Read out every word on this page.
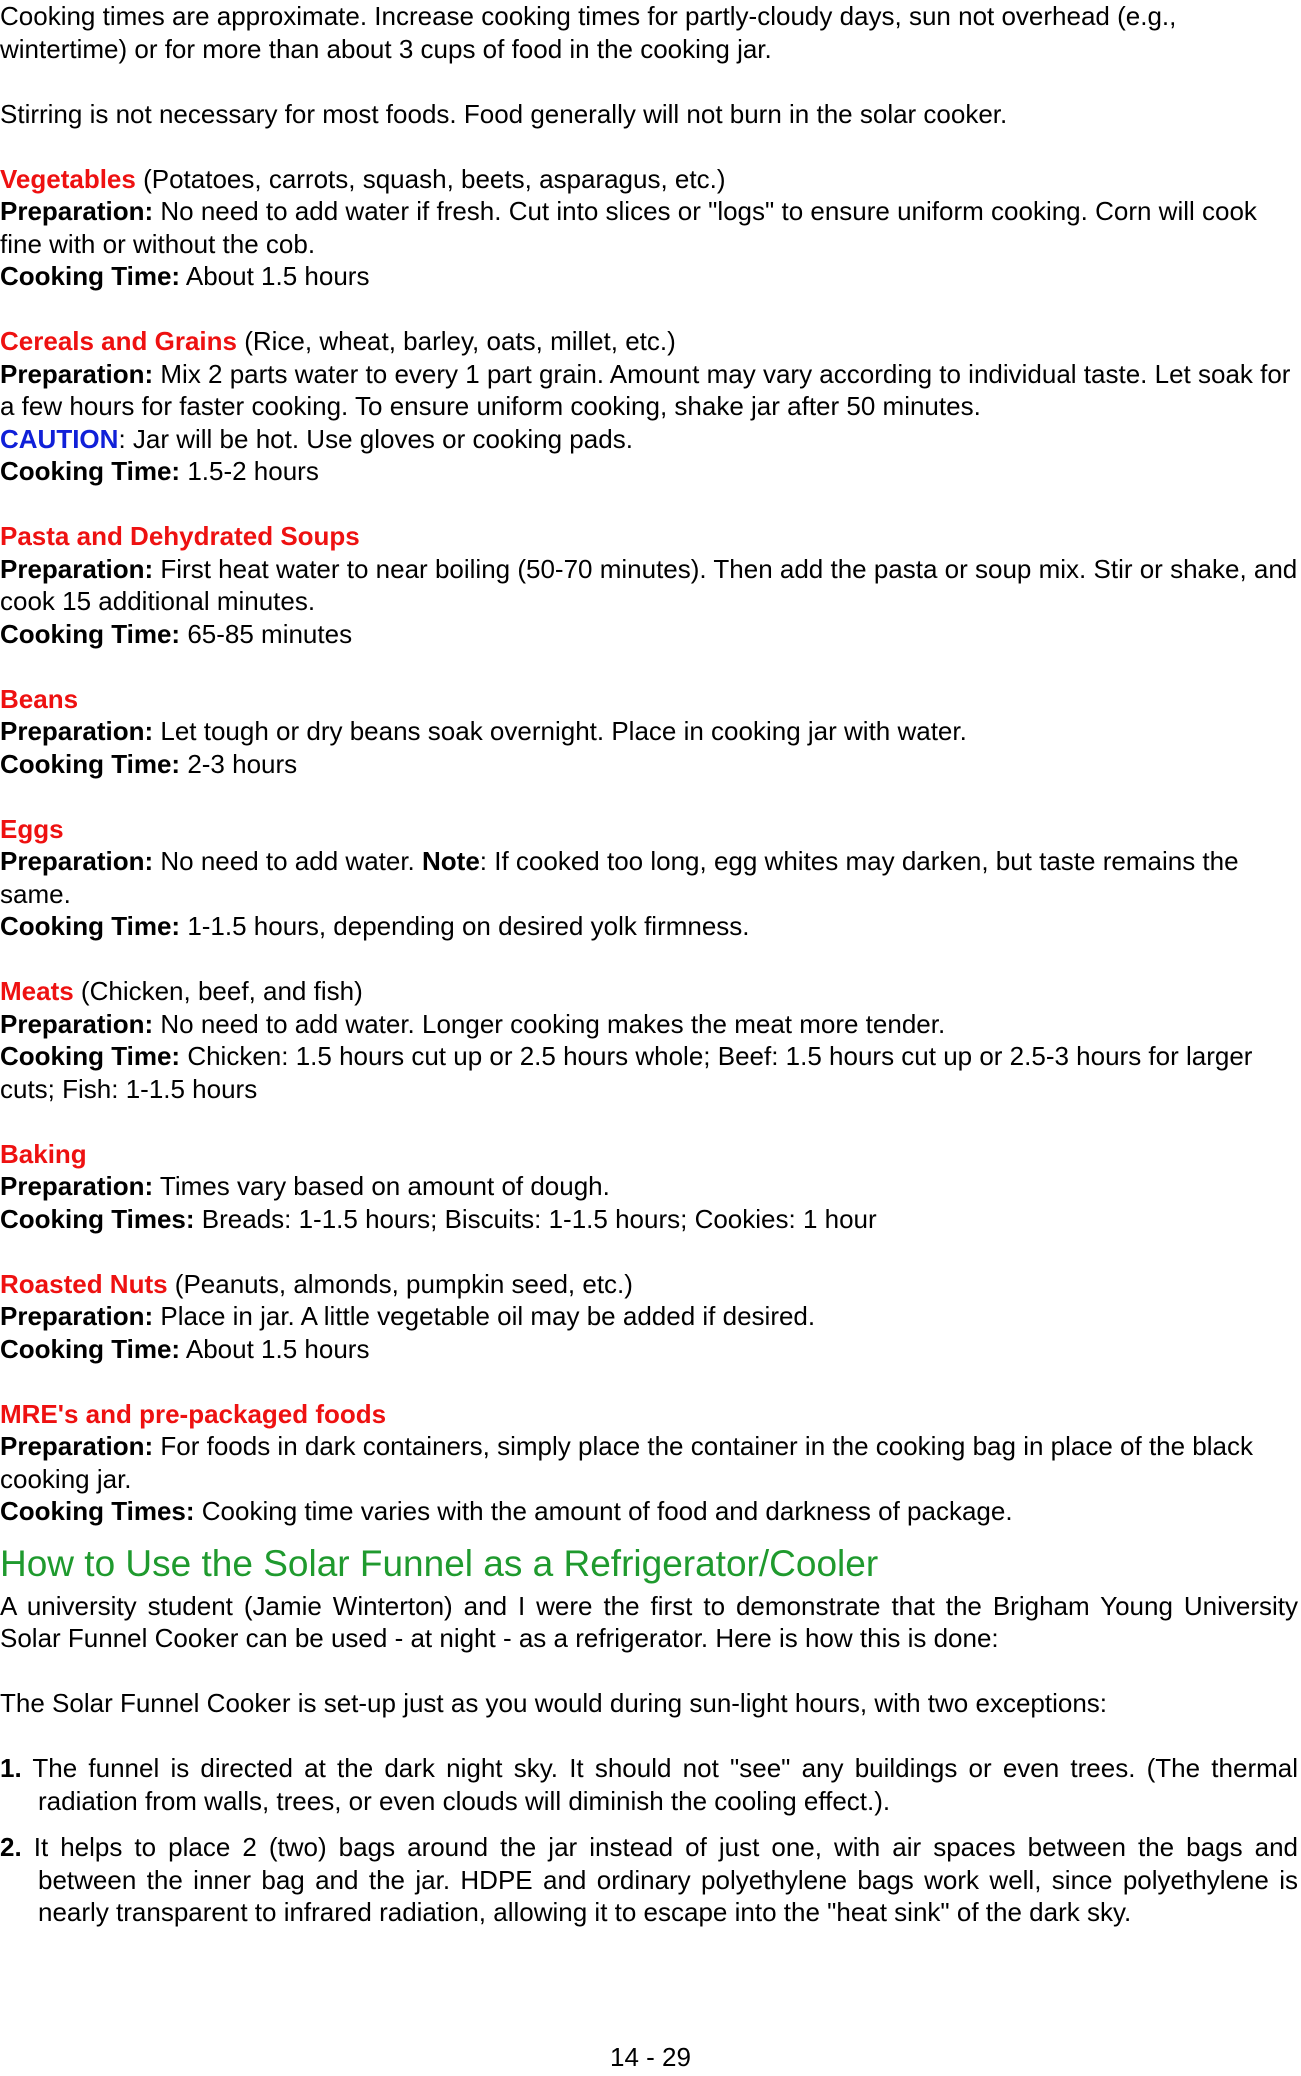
Cooking times are approximate. Increase cooking times for partly-cloudy days, sun not overhead (e.g., wintertime) or for more than about 3 cups of food in the cooking jar.

Stirring is not necessary for most foods. Food generally will not burn in the solar cooker.

Vegetables (Potatoes, carrots, squash, beets, asparagus, etc.)

Preparation: No need to add water if fresh. Cut into slices or "logs" to ensure uniform cooking. Corn will cook fine with or without the cob.

Cooking Time: About 1.5 hours

Cereals and Grains (Rice, wheat, barley, oats, millet, etc.)

Preparation: Mix 2 parts water to every 1 part grain. Amount may vary according to individual taste. Let soak for a few hours for faster cooking. To ensure uniform cooking, shake jar after 50 minutes.

CAUTION: Jar will be hot. Use gloves or cooking pads.

Cooking Time: 1.5-2 hours

Pasta and Dehydrated Soups

Preparation: First heat water to near boiling (50-70 minutes). Then add the pasta or soup mix. Stir or shake, and cook 15 additional minutes.

Cooking Time: 65-85 minutes

Beans

Preparation: Let tough or dry beans soak overnight. Place in cooking jar with water.

Cooking Time: 2-3 hours

Eggs

Preparation: No need to add water. Note: If cooked too long, egg whites may darken, but taste remains the same.

Cooking Time: 1-1.5 hours, depending on desired yolk firmness.

Meats (Chicken, beef, and fish)

Preparation: No need to add water. Longer cooking makes the meat more tender.

Cooking Time: Chicken: 1.5 hours cut up or 2.5 hours whole; Beef: 1.5 hours cut up or 2.5-3 hours for larger cuts; Fish: 1-1.5 hours

Baking

Preparation: Times vary based on amount of dough.

Cooking Times: Breads: 1-1.5 hours; Biscuits: 1-1.5 hours; Cookies: 1 hour

Roasted Nuts (Peanuts, almonds, pumpkin seed, etc.)

Preparation: Place in jar. A little vegetable oil may be added if desired.

Cooking Time: About 1.5 hours

MRE's and pre-packaged foods

Preparation: For foods in dark containers, simply place the container in the cooking bag in place of the black cooking jar.

Cooking Times: Cooking time varies with the amount of food and darkness of package.

How to Use the Solar Funnel as a Refrigerator/Cooler

A university student (Jamie Winterton) and I were the first to demonstrate that the Brigham Young University Solar Funnel Cooker can be used - at night - as a refrigerator. Here is how this is done:

The Solar Funnel Cooker is set-up just as you would during sun-light hours, with two exceptions:

1. The funnel is directed at the dark night sky. It should not "see" any buildings or even trees. (The thermal radiation from walls, trees, or even clouds will diminish the cooling effect.).

2. It helps to place 2 (two) bags around the jar instead of just one, with air spaces between the bags and between the inner bag and the jar. HDPE and ordinary polyethylene bags work well, since polyethylene is nearly transparent to infrared radiation, allowing it to escape into the "heat sink" of the dark sky.

14 - 29
